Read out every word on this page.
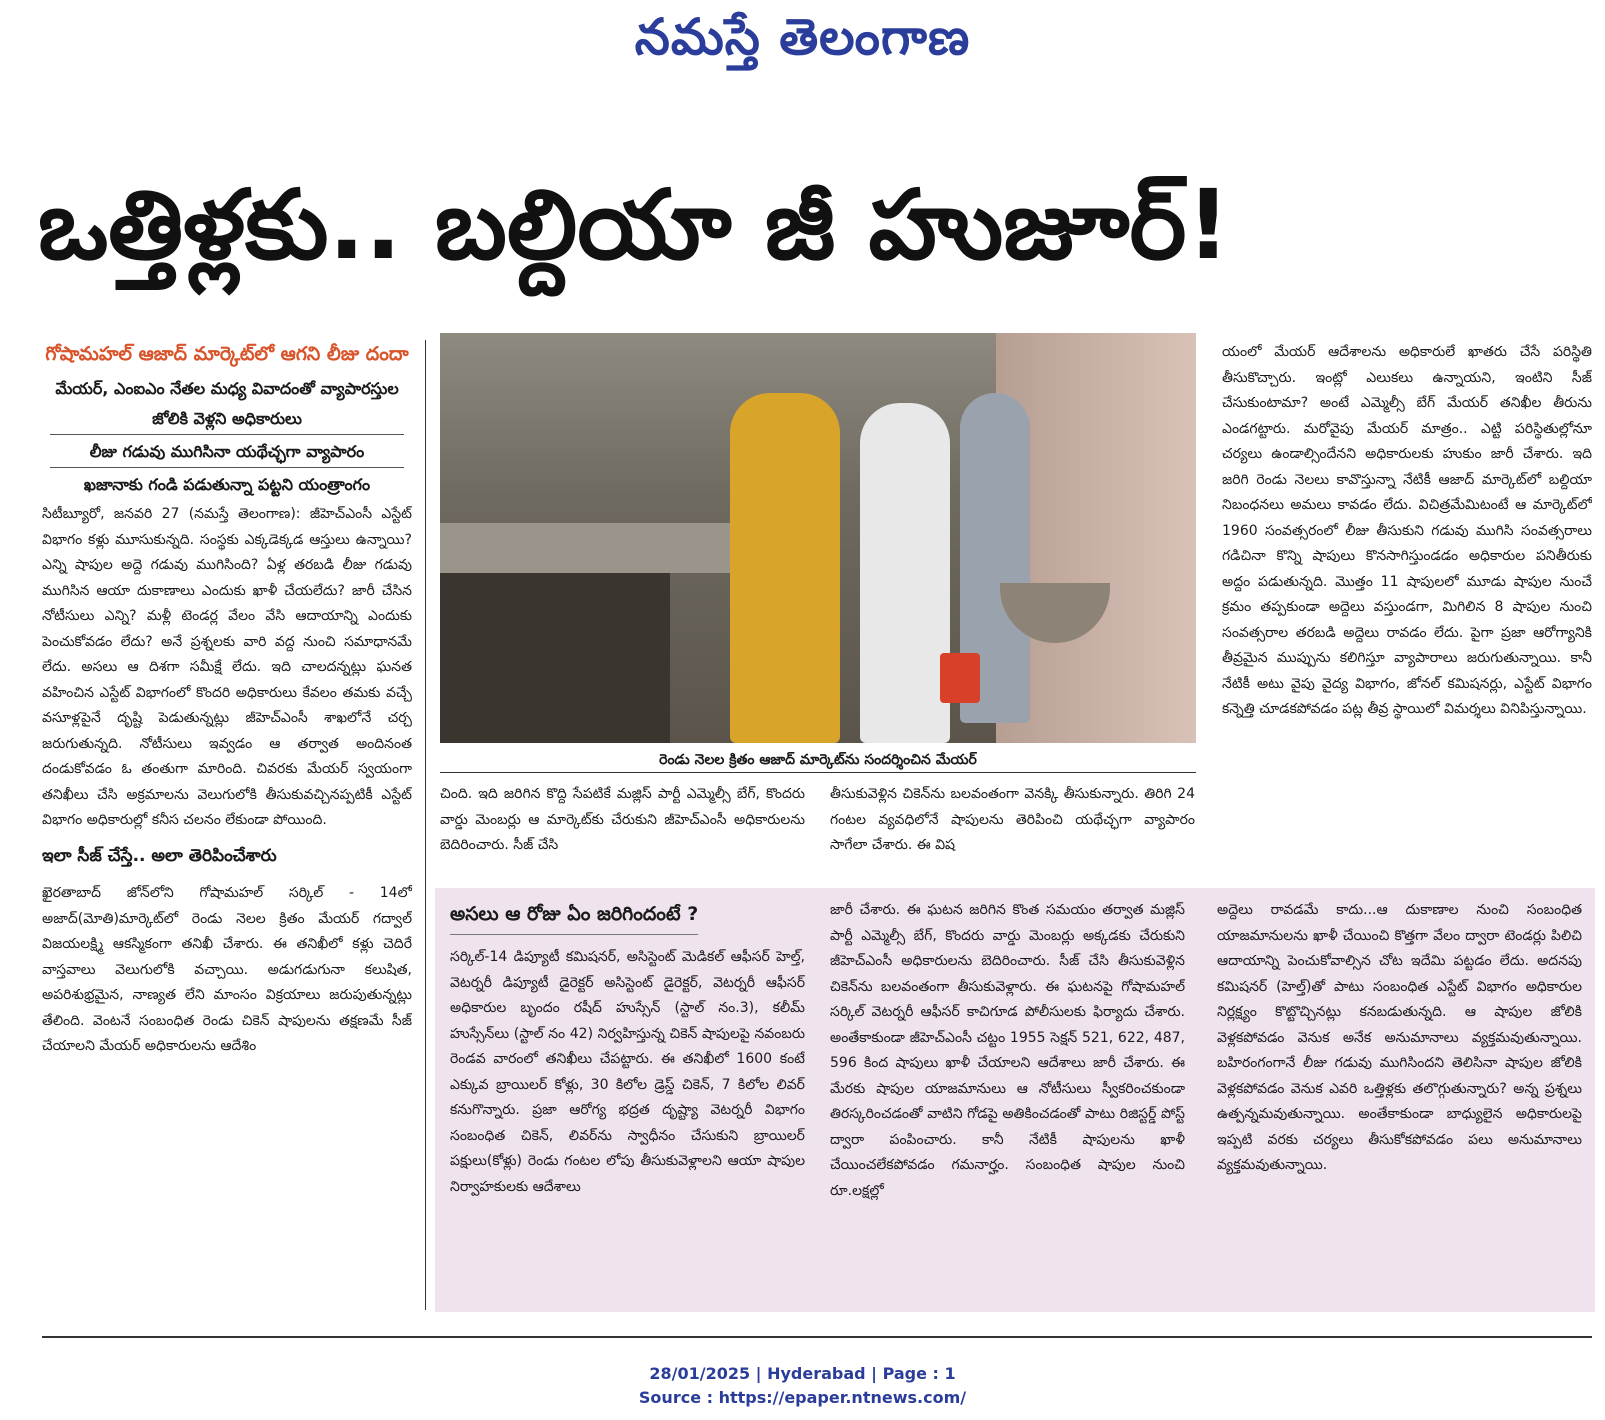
నమస్తే తెలంగాణ
ఒత్తిళ్లకు.. బల్దియా జీ హుజూర్!
గోషామహల్ ఆజాద్ మార్కెట్‌లో ఆగని లీజు దందా
మేయర్, ఎంఐఎం నేతల మధ్య వివాదంతో వ్యాపారస్తుల జోలికి వెళ్లని అధికారులు
లీజు గడువు ముగిసినా యథేచ్ఛగా వ్యాపారం
ఖజానాకు గండి పడుతున్నా పట్టని యంత్రాంగం

సిటీబ్యూరో, జనవరి 27 (నమస్తే తెలంగాణ): జీహెచ్‌ఎంసీ ఎస్టేట్ విభాగం కళ్లు మూసుకున్నది. సంస్థకు ఎక్కడెక్కడ ఆస్తులు ఉన్నాయి? ఎన్ని షాపుల అద్దె గడువు ముగిసింది? ఏళ్ల తరబడి లీజు గడువు ముగిసిన ఆయా దుకాణాలు ఎందుకు ఖాళీ చేయలేదు? జారీ చేసిన నోటీసులు ఎన్ని? మళ్లీ టెండర్ల వేలం వేసి ఆదాయాన్ని ఎందుకు పెంచుకోవడం లేదు? అనే ప్రశ్నలకు వారి వద్ద నుంచి సమాధానమే లేదు. అసలు ఆ దిశగా సమీక్షే లేదు. ఇది చాలదన్నట్లు ఘనత వహించిన ఎస్టేట్ విభాగంలో కొందరి అధికారులు కేవలం తమకు వచ్చే వసూళ్లపైనే దృష్టి పెడుతున్నట్లు జీహెచ్‌ఎంసీ శాఖలోనే చర్చ జరుగుతున్నది. నోటీసులు ఇవ్వడం ఆ తర్వాత అందినంత దండుకోవడం ఓ తంతుగా మారింది. చివరకు మేయర్ స్వయంగా తనిఖీలు చేసి అక్రమాలను వెలుగులోకి తీసుకువచ్చినప్పటికీ ఎస్టేట్ విభాగం అధికారుల్లో కనీస చలనం లేకుండా పోయింది.

ఇలా సీజ్ చేస్తే.. అలా తెరిపించేశారు

ఖైరతాబాద్ జోన్‌లోని గోషామహల్ సర్కిల్ - 14లో అజాద్(మోతి)మార్కెట్‌లో రెండు నెలల క్రితం మేయర్ గద్వాల్ విజయలక్ష్మి ఆకస్మికంగా తనిఖీ చేశారు. ఈ తనిఖీలో కళ్లు చెదిరే వాస్తవాలు వెలుగులోకి వచ్చాయి. అడుగడుగునా కలుషిత, అపరిశుభ్రమైన, నాణ్యత లేని మాంసం విక్రయాలు జరుపుతున్నట్లు తేలింది. వెంటనే సంబంధిత రెండు చికెన్ షాపులను తక్షణమే సీజ్ చేయాలని మేయర్ అధికారులను ఆదేశిం

రెండు నెలల క్రితం ఆజాద్ మార్కెట్‌ను సందర్శించిన మేయర్
చింది. ఇది జరిగిన కొద్ది సేపటికే మజ్లిస్ పార్టీ ఎమ్మెల్సీ బేగ్, కొందరు వార్డు మెంబర్లు ఆ మార్కెట్‌కు చేరుకుని జీహెచ్‌ఎంసీ అధికారులను బెదిరించారు. సీజ్ చేసి
తీసుకువెళ్లిన చికెన్‌ను బలవంతంగా వెనక్కి తీసుకున్నారు. తిరిగి 24 గంటల వ్యవధిలోనే షాపులను తెరిపించి యథేచ్ఛగా వ్యాపారం సాగేలా చేశారు. ఈ విష
యంలో మేయర్ ఆదేశాలను అధికారులే ఖాతరు చేసే పరిస్థితి తీసుకొచ్చారు. ఇంట్లో ఎలుకలు ఉన్నాయని, ఇంటిని సీజ్ చేసుకుంటామా? అంటే ఎమ్మెల్సీ బేగ్ మేయర్ తనిఖీల తీరును ఎండగట్టారు. మరోవైపు మేయర్ మాత్రం.. ఎట్టి పరిస్థితుల్లోనూ చర్యలు ఉండాల్సిందేనని అధికారులకు హుకుం జారీ చేశారు. ఇది జరిగి రెండు నెలలు కావొస్తున్నా నేటికీ ఆజాద్ మార్కెట్‌లో బల్దియా నిబంధనలు అమలు కావడం లేదు. విచిత్రమేమిటంటే ఆ మార్కెట్‌లో 1960 సంవత్సరంలో లీజు తీసుకుని గడువు ముగిసి సంవత్సరాలు గడిచినా కొన్ని షాపులు కొనసాగిస్తుండడం అధికారుల పనితీరుకు అద్దం పడుతున్నది. మొత్తం 11 షాపులలో మూడు షాపుల నుంచే క్రమం తప్పకుండా అద్దెలు వస్తుండగా, మిగిలిన 8 షాపుల నుంచి సంవత్సరాల తరబడి అద్దెలు రావడం లేదు. పైగా ప్రజా ఆరోగ్యానికి తీవ్రమైన ముప్పును కలిగిస్తూ వ్యాపారాలు జరుగుతున్నాయి. కానీ నేటికీ అటు వైపు వైద్య విభాగం, జోనల్ కమిషనర్లు, ఎస్టేట్ విభాగం కన్నెత్తి చూడకపోవడం పట్ల తీవ్ర స్థాయిలో విమర్శలు వినిపిస్తున్నాయి.
అసలు ఆ రోజు ఏం జరిగిందంటే ?

సర్కిల్-14 డిప్యూటీ కమిషనర్, అసిస్టెంట్ మెడికల్ ఆఫీసర్ హెల్త్, వెటర్నరీ డిప్యూటీ డైరెక్టర్ అసిస్టెంట్ డైరెక్టర్, వెటర్నరీ ఆఫీసర్ అధికారుల బృందం రషీద్ హుస్సేన్ (స్టాల్ నం.3), కలీమ్ హుస్సేన్‌లు (స్టాల్ నం 42) నిర్వహిస్తున్న చికెన్ షాపులపై నవంబరు రెండవ వారంలో తనిఖీలు చేపట్టారు. ఈ తనిఖీలో 1600 కంటే ఎక్కువ బ్రాయిలర్ కోళ్లు, 30 కిలోల డ్రెస్డ్ చికెన్, 7 కిలోల లివర్ కనుగొన్నారు. ప్రజా ఆరోగ్య భద్రత దృష్ట్యా వెటర్నరీ విభాగం సంబంధిత చికెన్, లివర్‌ను స్వాధీనం చేసుకుని బ్రాయిలర్ పక్షులు(కోళ్లు) రెండు గంటల లోపు తీసుకువెళ్లాలని ఆయా షాపుల నిర్వాహకులకు ఆదేశాలు

జారీ చేశారు. ఈ ఘటన జరిగిన కొంత సమయం తర్వాత మజ్లిస్ పార్టీ ఎమ్మెల్సీ బేగ్, కొందరు వార్డు మెంబర్లు అక్కడకు చేరుకుని జీహెచ్‌ఎంసీ అధికారులను బెదిరించారు. సీజ్ చేసి తీసుకువెళ్లిన చికెన్‌ను బలవంతంగా తీసుకువెళ్లారు. ఈ ఘటనపై గోషామహల్ సర్కిల్ వెటర్నరీ ఆఫీసర్ కాచిగూడ పోలీసులకు ఫిర్యాదు చేశారు. అంతేకాకుండా జీహెచ్‌ఎంసీ చట్టం 1955 సెక్షన్ 521, 622, 487, 596 కింద షాపులు ఖాళీ చేయాలని ఆదేశాలు జారీ చేశారు. ఈ మేరకు షాపుల యాజమానులు ఆ నోటీసులు స్వీకరించకుండా తిరస్కరించడంతో వాటిని గోడపై అతికించడంతో పాటు రిజిస్టర్డ్ పోస్ట్ ద్వారా పంపించారు. కానీ నేటికీ షాపులను ఖాళీ చేయించలేకపోవడం గమనార్హం. సంబంధిత షాపుల నుంచి రూ.లక్షల్లో
అద్దెలు రావడమే కాదు...ఆ దుకాణాల నుంచి సంబంధిత యాజమానులను ఖాళీ చేయించి కొత్తగా వేలం ద్వారా టెండర్లు పిలిచి ఆదాయాన్ని పెంచుకోవాల్సిన చోట ఇదేమి పట్టడం లేదు. అదనపు కమిషనర్ (హెల్త్)తో పాటు సంబంధిత ఎస్టేట్ విభాగం అధికారుల నిర్లక్ష్యం కొట్టొచ్చినట్లు కనబడుతున్నది. ఆ షాపుల జోలికి వెళ్లకపోవడం వెనుక అనేక అనుమానాలు వ్యక్తమవుతున్నాయి. బహిరంగంగానే లీజు గడువు ముగిసిందని తెలిసినా షాపుల జోలికి వెళ్లకపోవడం వెనుక ఎవరి ఒత్తిళ్లకు తలొగ్గుతున్నారు? అన్న ప్రశ్నలు ఉత్పన్నమవుతున్నాయి. అంతేకాకుండా బాధ్యులైన అధికారులపై ఇప్పటి వరకు చర్యలు తీసుకోకపోవడం పలు అనుమానాలు వ్యక్తమవుతున్నాయి.
28/01/2025 | Hyderabad | Page : 1
Source : https://epaper.ntnews.com/
